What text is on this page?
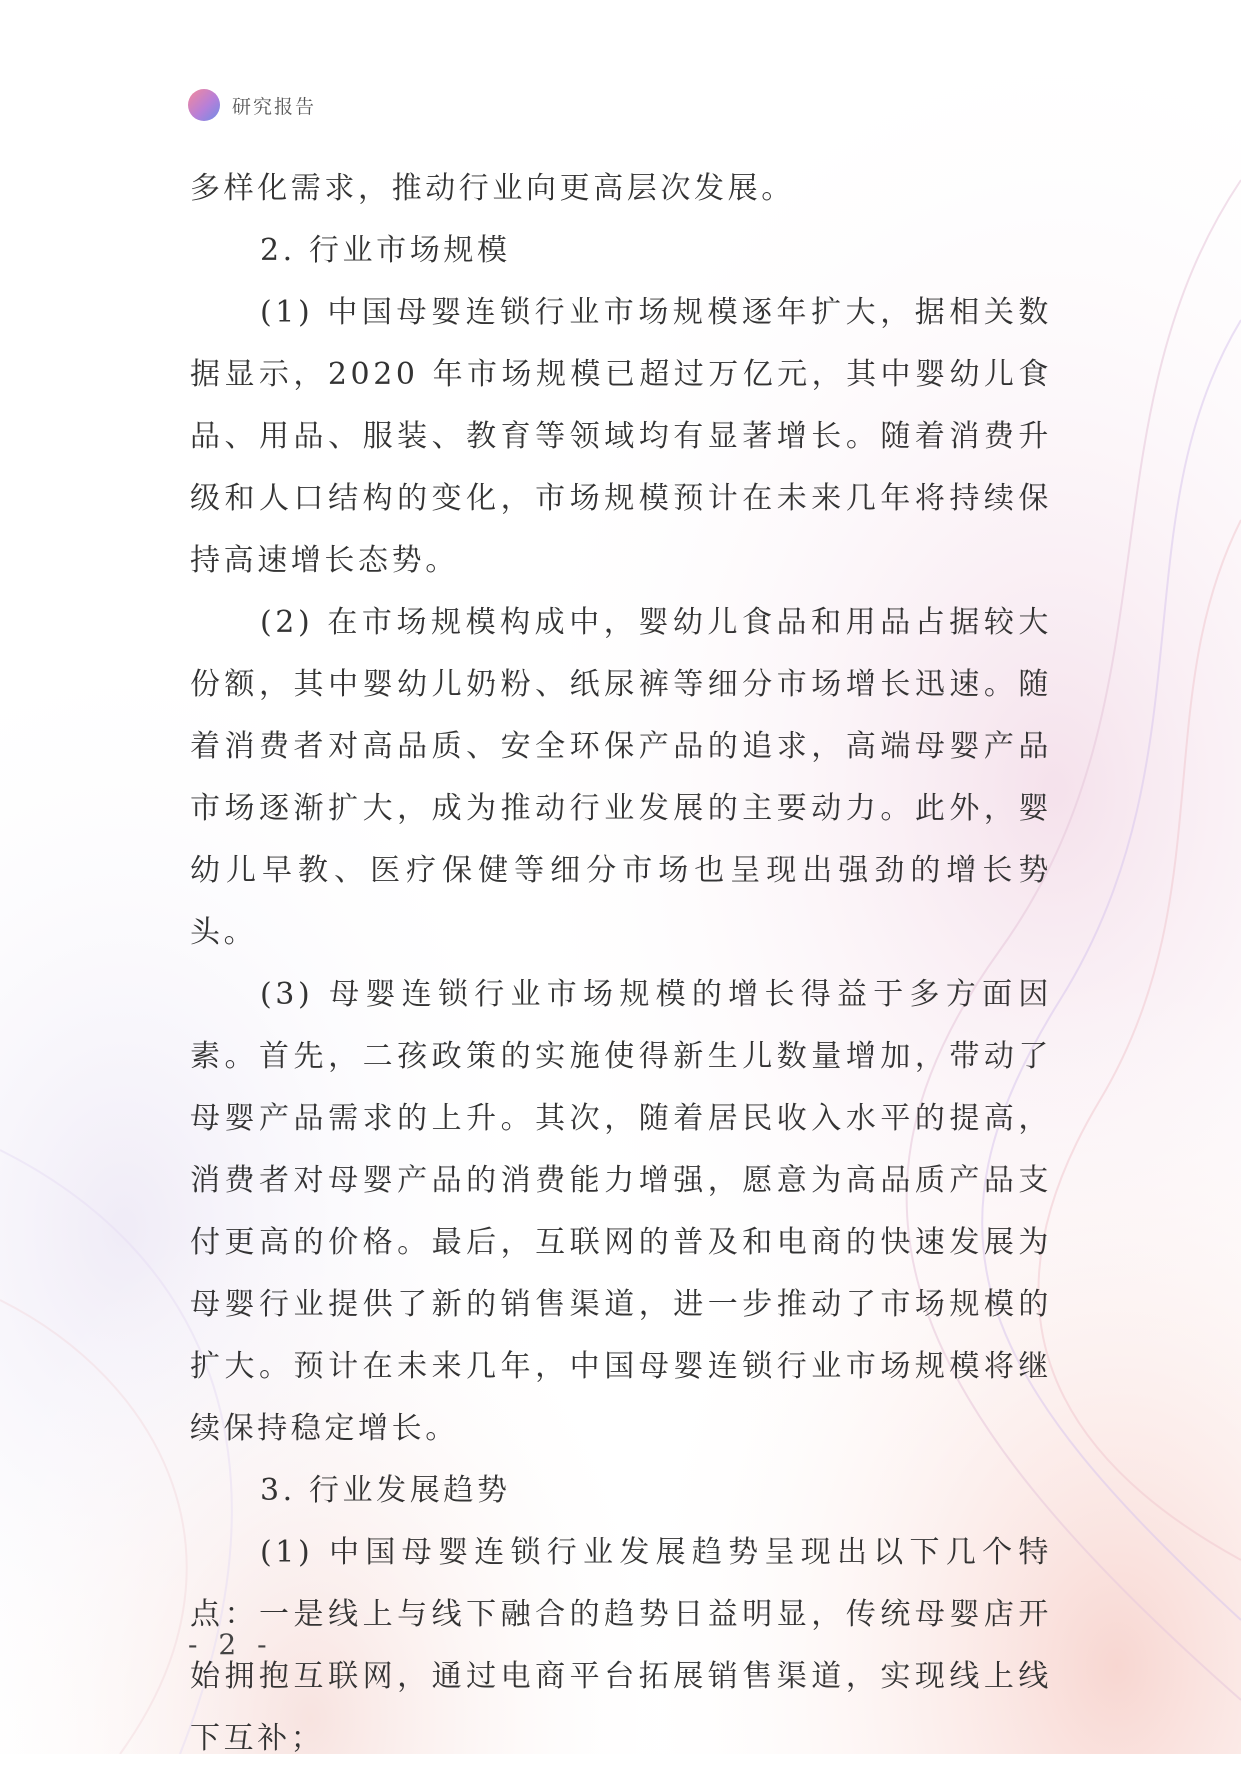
研究报告

多样化需求，推动行业向更高层次发展。

2. 行业市场规模

(1) 中国母婴连锁行业市场规模逐年扩大，据相关数据显示，2020 年市场规模已超过万亿元，其中婴幼儿食品、用品、服装、教育等领域均有显著增长。随着消费升级和人口结构的变化，市场规模预计在未来几年将持续保持高速增长态势。

(2) 在市场规模构成中，婴幼儿食品和用品占据较大份额，其中婴幼儿奶粉、纸尿裤等细分市场增长迅速。随着消费者对高品质、安全环保产品的追求，高端母婴产品市场逐渐扩大，成为推动行业发展的主要动力。此外，婴幼儿早教、医疗保健等细分市场也呈现出强劲的增长势头。

(3) 母婴连锁行业市场规模的增长得益于多方面因素。首先，二孩政策的实施使得新生儿数量增加，带动了母婴产品需求的上升。其次，随着居民收入水平的提高，消费者对母婴产品的消费能力增强，愿意为高品质产品支付更高的价格。最后，互联网的普及和电商的快速发展为母婴行业提供了新的销售渠道，进一步推动了市场规模的扩大。预计在未来几年，中国母婴连锁行业市场规模将继续保持稳定增长。

3. 行业发展趋势

(1) 中国母婴连锁行业发展趋势呈现出以下几个特点：一是线上与线下融合的趋势日益明显，传统母婴店开始拥抱互联网，通过电商平台拓展销售渠道，实现线上线下互补；

- 2 -
